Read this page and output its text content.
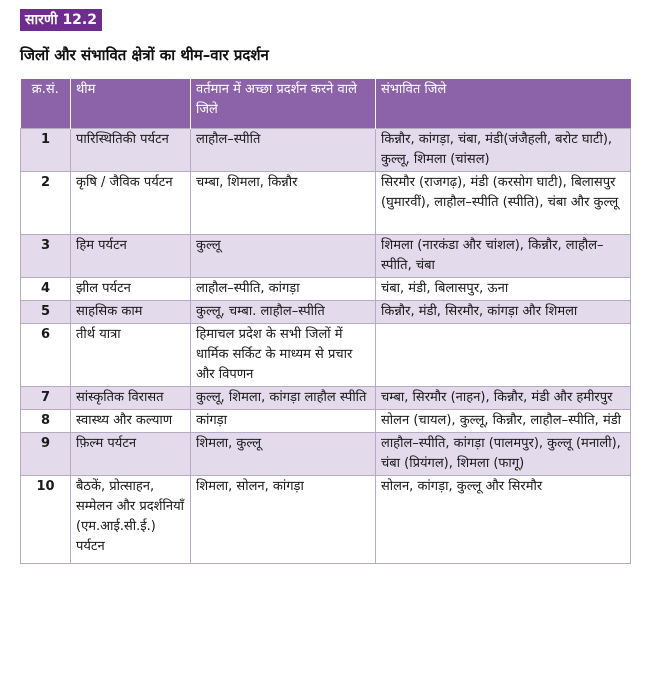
सारणी 12.2
जिलों और संभावित क्षेत्रों का थीम–वार प्रदर्शन
क्र.सं.	थीम	वर्तमान में अच्छा प्रदर्शन करने वाले जिले	संभावित जिले
1	पारिस्थितिकी पर्यटन	लाहौल–स्पीति	किन्नौर, कांगड़ा, चंबा, मंडी(जंजैहली, बरोट घाटी), कुल्लू, शिमला (चांसल)
2	कृषि / जैविक पर्यटन	चम्बा, शिमला, किन्नौर	सिरमौर (राजगढ़), मंडी (करसोग घाटी), बिलासपुर (घुमारवीं), लाहौल–स्पीति (स्पीति), चंबा और कुल्लू
3	हिम पर्यटन	कुल्लू	शिमला (नारकंडा और चांशल), किन्नौर, लाहौल–स्पीति, चंबा
4	झील पर्यटन	लाहौल–स्पीति, कांगड़ा	चंबा, मंडी, बिलासपुर, ऊना
5	साहसिक काम	कुल्लू, चम्बा. लाहौल–स्पीति	किन्नौर, मंडी, सिरमौर, कांगड़ा और शिमला
6	तीर्थ यात्रा	हिमाचल प्रदेश के सभी जिलों में धार्मिक सर्किट के माध्यम से प्रचार और विपणन	
7	सांस्कृतिक विरासत	कुल्लू, शिमला, कांगड़ा लाहौल स्पीति	चम्बा, सिरमौर (नाहन), किन्नौर, मंडी और हमीरपुर
8	स्वास्थ्य और कल्याण	कांगड़ा	सोलन (चायल), कुल्लू, किन्नौर, लाहौल–स्पीति, मंडी
9	फ़िल्म पर्यटन	शिमला, कुल्लू	लाहौल–स्पीति, कांगड़ा (पालमपुर), कुल्लू (मनाली), चंबा (प्रियंगल), शिमला (फागू)
10	बैठकें, प्रोत्साहन, सम्मेलन और प्रदर्शनियाँ (एम.आई.सी.ई.) पर्यटन	शिमला, सोलन, कांगड़ा	सोलन, कांगड़ा, कुल्लू और सिरमौर
